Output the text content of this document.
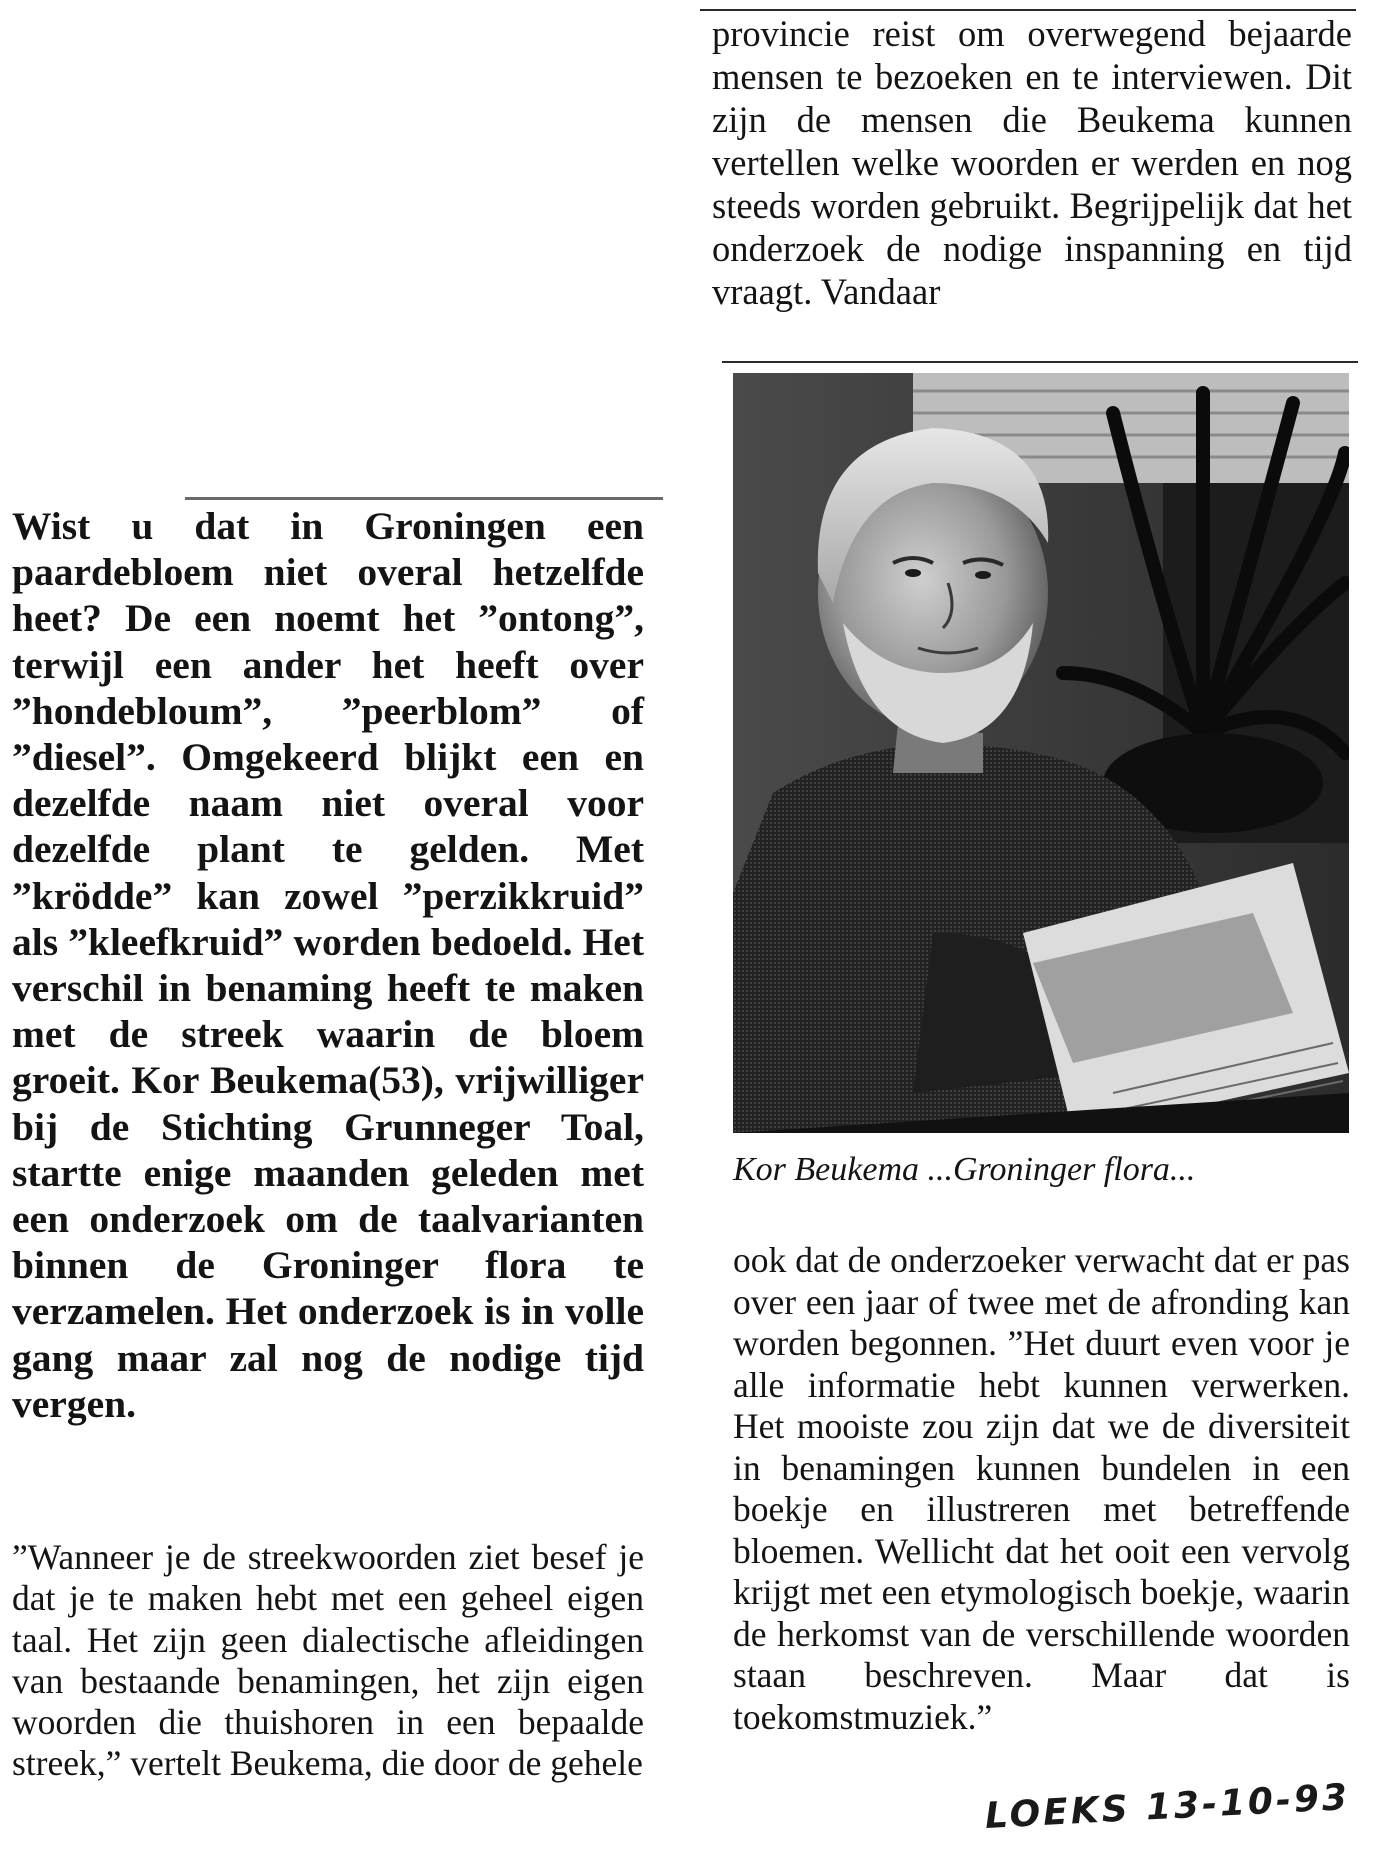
provincie reist om overwegend bejaarde mensen te bezoeken en te interviewen. Dit zijn de mensen die Beukema kunnen vertellen welke woorden er werden en nog steeds worden gebruikt. Begrijpelijk dat het onderzoek de nodige inspanning en tijd vraagt. Vandaar

Wist u dat in Groningen een paardebloem niet overal hetzelfde heet? De een noemt het ”ontong”, terwijl een ander het heeft over ”hondebloum”, ”peerblom” of ”diesel”. Omgekeerd blijkt een en dezelfde naam niet overal voor dezelfde plant te gelden. Met ”krödde” kan zowel ”perzikkruid” als ”kleefkruid” worden bedoeld. Het verschil in benaming heeft te maken met de streek waarin de bloem groeit. Kor Beukema(53), vrijwilliger bij de Stichting Grunneger Toal, startte enige maanden geleden met een onderzoek om de taalvarianten binnen de Groninger flora te verzamelen. Het onderzoek is in volle gang maar zal nog de nodige tijd vergen.

”Wanneer je de streekwoorden ziet besef je dat je te maken hebt met een geheel eigen taal. Het zijn geen dialectische afleidingen van bestaande benamingen, het zijn eigen woorden die thuishoren in een bepaalde streek,” vertelt Beukema, die door de gehele

Kor Beukema ...Groninger flora...

ook dat de onderzoeker verwacht dat er pas over een jaar of twee met de afronding kan worden begonnen. ”Het duurt even voor je alle informatie hebt kunnen verwerken. Het mooiste zou zijn dat we de diversiteit in benamingen kunnen bundelen in een boekje en illustreren met betreffende bloemen. Wellicht dat het ooit een vervolg krijgt met een etymologisch boekje, waarin de herkomst van de verschillende woorden staan beschreven. Maar dat is toekomstmuziek.”

LOEKS 13-10-93
